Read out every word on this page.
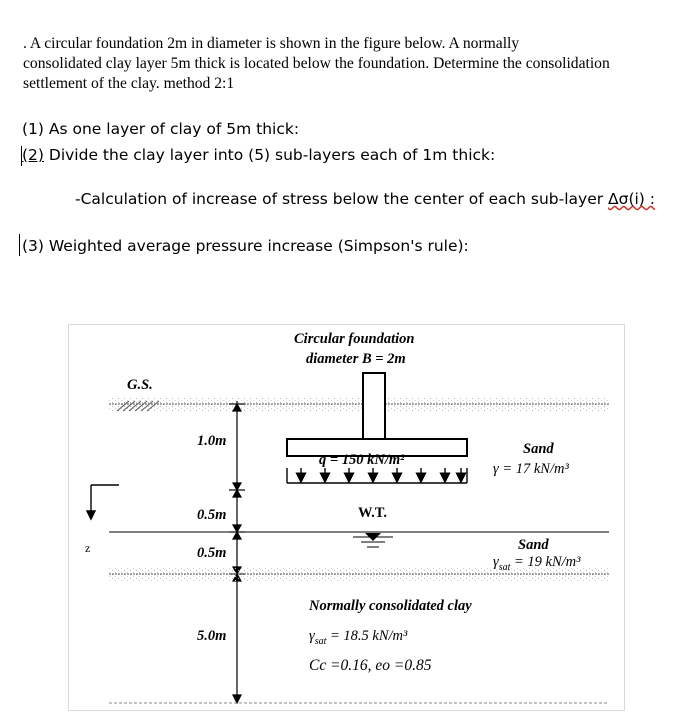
. A circular foundation 2m in diameter is shown in the figure below. A normally
consolidated clay layer 5m thick is located below the foundation. Determine the consolidation
settlement of the clay. method 2:1
(1) As one layer of clay of 5m thick:
(2) Divide the clay layer into (5) sub-layers each of 1m thick:
-Calculation of increase of stress below the center of each sub-layer Δσ(i) :
(3) Weighted average pressure increase (Simpson's rule):
Circular foundation
diameter B = 2m
G.S.
1.0m
q = 150 kN/m²
Sand
γ = 17 kN/m³
0.5m	W.T.
0.5m	Sand
$\gamma_{sat} = 19$ kN/m³
z
Normally consolidated clay
5.0m	$\gamma_{sat} = 18.5$ kN/m³
Cc =0.16, eo =0.85
